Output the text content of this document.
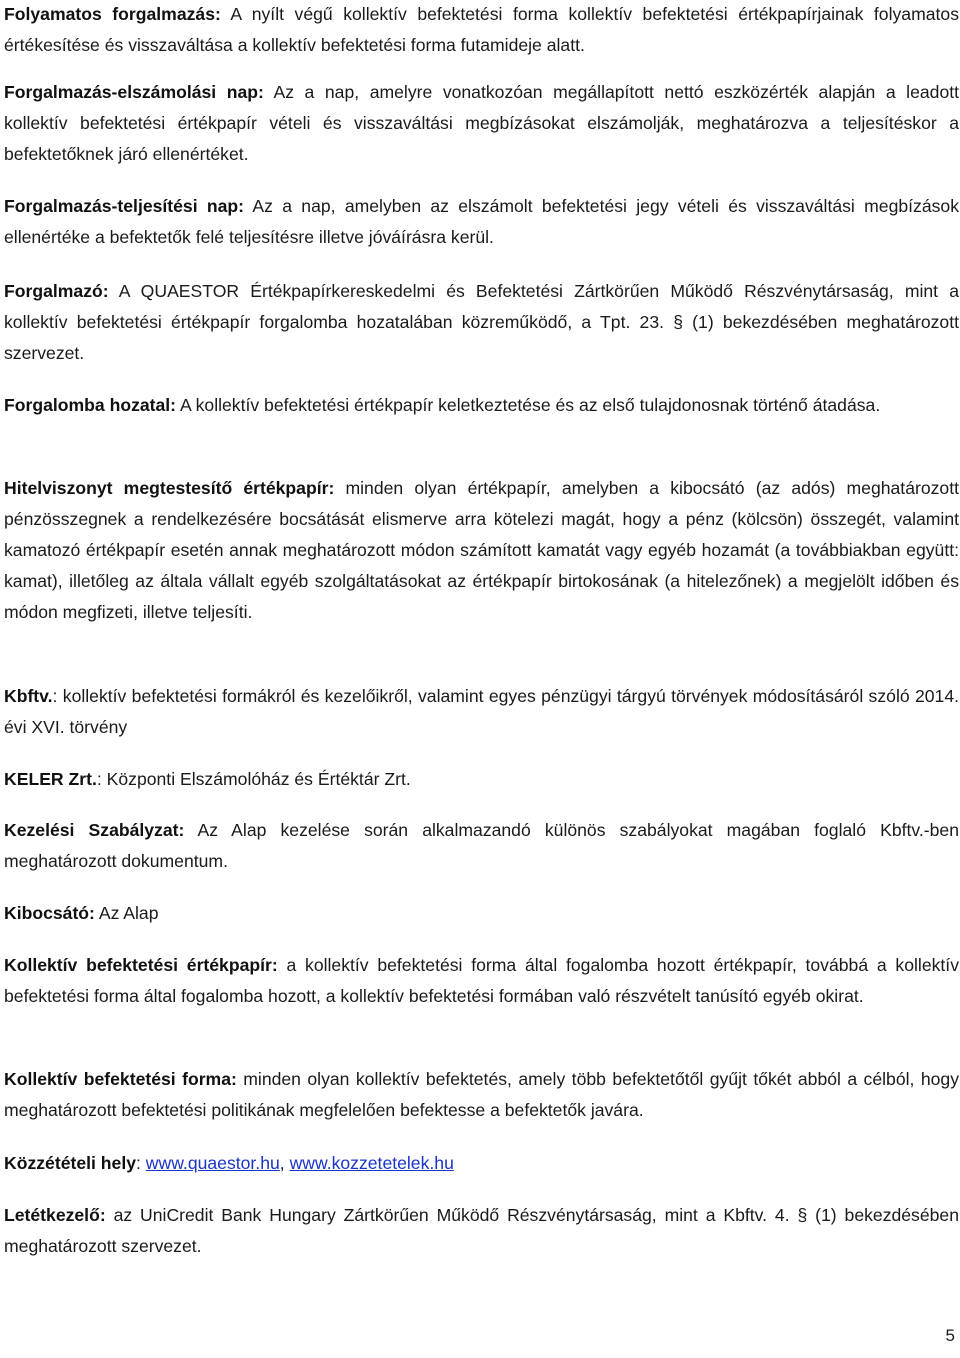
Folyamatos forgalmazás: A nyílt végű kollektív befektetési forma kollektív befektetési értékpapírjainak folyamatos értékesítése és visszaváltása a kollektív befektetési forma futamideje alatt.

Forgalmazás-elszámolási nap: Az a nap, amelyre vonatkozóan megállapított nettó eszközérték alapján a leadott kollektív befektetési értékpapír vételi és visszaváltási megbízásokat elszámolják, meghatározva a teljesítéskor a befektetőknek járó ellenértéket.

Forgalmazás-teljesítési nap: Az a nap, amelyben az elszámolt befektetési jegy vételi és visszaváltási megbízások ellenértéke a befektetők felé teljesítésre illetve jóváírásra kerül.

Forgalmazó: A QUAESTOR Értékpapírkereskedelmi és Befektetési Zártkörűen Működő Részvénytársaság, mint a kollektív befektetési értékpapír forgalomba hozatalában közreműködő, a Tpt. 23. § (1) bekezdésében meghatározott szervezet.

Forgalomba hozatal: A kollektív befektetési értékpapír keletkeztetése és az első tulajdonosnak történő átadása.

Hitelviszonyt megtestesítő értékpapír: minden olyan értékpapír, amelyben a kibocsátó (az adós) meghatározott pénzösszegnek a rendelkezésére bocsátását elismerve arra kötelezi magát, hogy a pénz (kölcsön) összegét, valamint kamatozó értékpapír esetén annak meghatározott módon számított kamatát vagy egyéb hozamát (a továbbiakban együtt: kamat), illetőleg az általa vállalt egyéb szolgáltatásokat az értékpapír birtokosának (a hitelezőnek) a megjelölt időben és módon megfizeti, illetve teljesíti.

Kbftv.: kollektív befektetési formákról és kezelőikről, valamint egyes pénzügyi tárgyú törvények módosításáról szóló 2014. évi XVI. törvény

KELER Zrt.: Központi Elszámolóház és Értéktár Zrt.

Kezelési Szabályzat: Az Alap kezelése során alkalmazandó különös szabályokat magában foglaló Kbftv.-ben meghatározott dokumentum.

Kibocsátó: Az Alap

Kollektív befektetési értékpapír: a kollektív befektetési forma által fogalomba hozott értékpapír, továbbá a kollektív befektetési forma által fogalomba hozott, a kollektív befektetési formában való részvételt tanúsító egyéb okirat.

Kollektív befektetési forma: minden olyan kollektív befektetés, amely több befektetőtől gyűjt tőkét abból a célból, hogy meghatározott befektetési politikának megfelelően befektesse a befektetők javára.

Közzétételi hely: www.quaestor.hu, www.kozzetetelek.hu

Letétkezelő: az UniCredit Bank Hungary Zártkörűen Működő Részvénytársaság, mint a Kbftv. 4. § (1) bekezdésében meghatározott szervezet.

5
